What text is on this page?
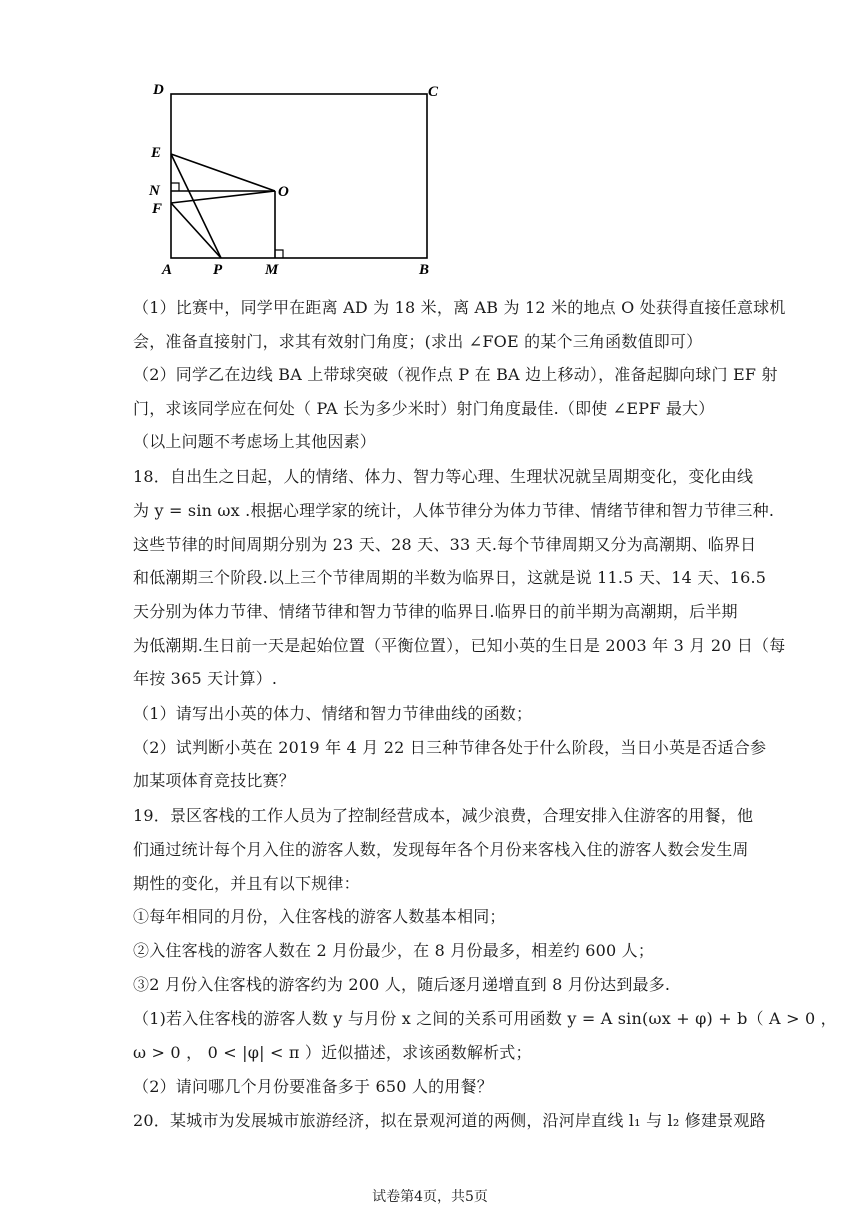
D	C
E
N	O
F
A	P	M	B
（1）比赛中，同学甲在距离 AD 为 18 米，离 AB 为 12 米的地点 O 处获得直接任意球机
会，准备直接射门，求其有效射门角度；(求出 ∠FOE 的某个三角函数值即可）
（2）同学乙在边线 BA 上带球突破（视作点 P 在 BA 边上移动），准备起脚向球门 EF 射
门，求该同学应在何处（ PA 长为多少米时）射门角度最佳.（即使 ∠EPF 最大）
（以上问题不考虑场上其他因素）
18．自出生之日起，人的情绪、体力、智力等心理、生理状况就呈周期变化，变化由线
为 y = sin ωx .根据心理学家的统计，人体节律分为体力节律、情绪节律和智力节律三种.
这些节律的时间周期分别为 23 天、28 天、33 天.每个节律周期又分为高潮期、临界日
和低潮期三个阶段.以上三个节律周期的半数为临界日，这就是说 11.5 天、14 天、16.5
天分别为体力节律、情绪节律和智力节律的临界日.临界日的前半期为高潮期，后半期
为低潮期.生日前一天是起始位置（平衡位置），已知小英的生日是 2003 年 3 月 20 日（每
年按 365 天计算）.
（1）请写出小英的体力、情绪和智力节律曲线的函数；
（2）试判断小英在 2019 年 4 月 22 日三种节律各处于什么阶段，当日小英是否适合参
加某项体育竞技比赛？
19．景区客栈的工作人员为了控制经营成本，减少浪费，合理安排入住游客的用餐，他
们通过统计每个月入住的游客人数，发现每年各个月份来客栈入住的游客人数会发生周
期性的变化，并且有以下规律：
①每年相同的月份，入住客栈的游客人数基本相同；
②入住客栈的游客人数在 2 月份最少，在 8 月份最多，相差约 600 人；
③2 月份入住客栈的游客约为 200 人，随后逐月递增直到 8 月份达到最多.
（1)若入住客栈的游客人数 y 与月份 x 之间的关系可用函数 y = A sin(ωx + φ) + b（ A > 0 ，
ω > 0 ， 0 < |φ| < π ）近似描述，求该函数解析式；
（2）请问哪几个月份要准备多于 650 人的用餐？
20．某城市为发展城市旅游经济，拟在景观河道的两侧，沿河岸直线 l₁ 与 l₂ 修建景观路
试卷第4页，共5页
